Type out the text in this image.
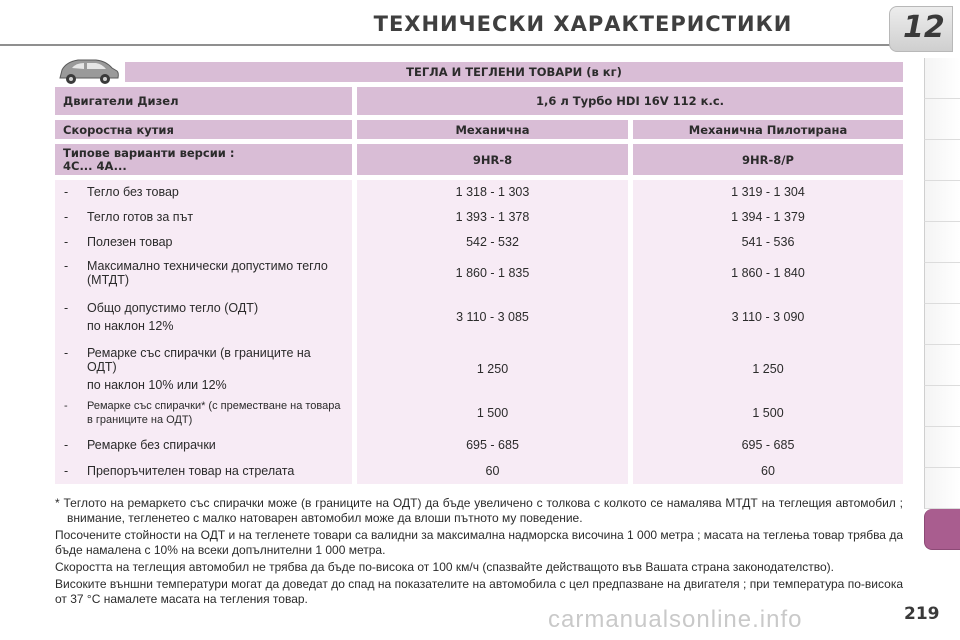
ТЕХНИЧЕСКИ ХАРАКТЕРИСТИКИ	12
ТЕГЛА И ТЕГЛЕНИ ТОВАРИ (в кг)
Двигатели Дизел	1,6 л Турбо HDI 16V 112 к.с.
Скоростна кутия	Механична	Механична Пилотирана
Типове варианти версии :
4C... 4A...	9HR-8	9HR-8/P
- Тегло без товар	1 318 - 1 303	1 319 - 1 304
- Тегло готов за път	1 393 - 1 378	1 394 - 1 379
- Полезен товар	542 - 532	541 - 536
- Максимално технически допустимо тегло (МТДТ)	1 860 - 1 835	1 860 - 1 840
- Общо допустимо тегло (ОДТ)
по наклон 12%
3 110 - 3 085	3 110 - 3 090
- Ремарке със спирачки (в границите на ОДТ)
по наклон 10% или 12%
1 250	1 250
- Ремарке със спирачки* (с преместване на товара в границите на ОДТ)	1 500	1 500
- Ремарке без спирачки	695 - 685	695 - 685
- Препоръчителен товар на стрелата	60	60

* Теглото на ремаркето със спирачки може (в границите на ОДТ) да бъде увеличено с толкова с колкото се намалява МТДТ на теглещия автомобил ; внимание, тегленетео с малко натоварен автомобил може да влоши пътното му поведение.

Посочените стойности на ОДТ и на тегленете товари са валидни за максимална надморска височина 1 000 метра ; масата на теглења товар трябва да бъде намалена с 10% на всеки допълнителни 1 000 метра.

Скоростта на теглещия автомобил не трябва да бъде по-висока от 100 км/ч (спазвайте действащото във Вашата страна законодателство).

Високите външни температури могат да доведат до спад на показателите на автомобила с цел предпазване на двигателя ; при температура по-висока от 37 °C намалете масата на тегления товар.

carmanualsonline.info	219
